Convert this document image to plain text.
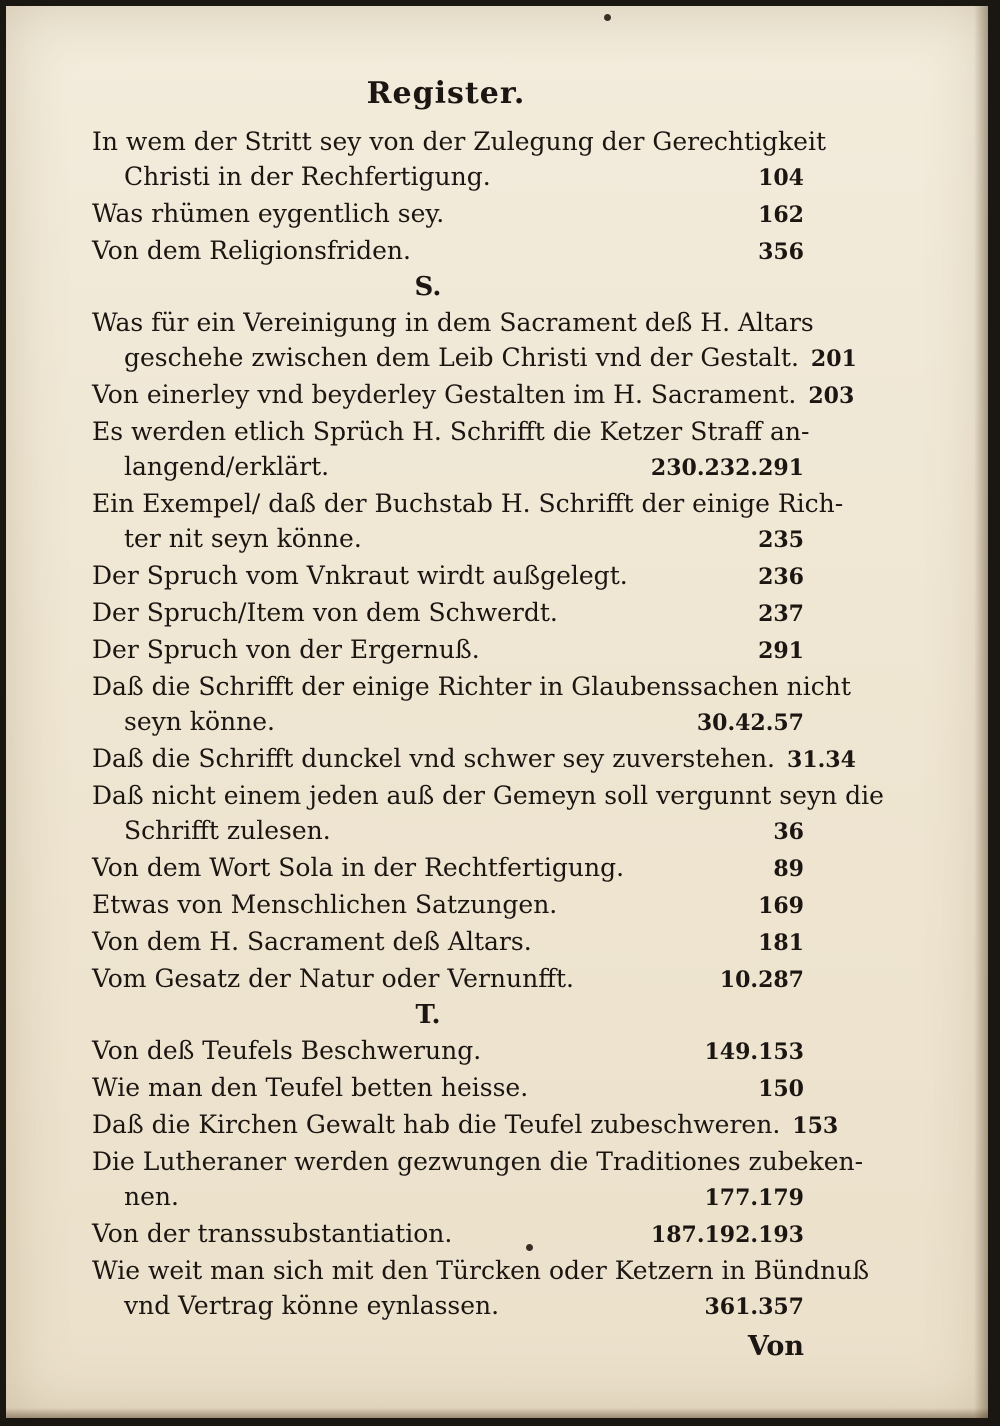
Register.
In wem der Stritt sey von der Zulegung der Gerechtigkeit
Christi in der Rechfertigung.	104
Was rhümen eygentlich sey.	162
Von dem Religionsfriden.	356
S.
Was für ein Vereinigung in dem Sacrament deß H. Altars
geschehe zwischen dem Leib Christi vnd der Gestalt. 201
Von einerley vnd beyderley Gestalten im H. Sacrament. 203
Es werden etlich Sprüch H. Schrifft die Ketzer Straff an-
langend/erklärt.	230.232.291
Ein Exempel/ daß der Buchstab H. Schrifft der einige Rich-
ter nit seyn könne.	235
Der Spruch vom Vnkraut wirdt außgelegt.	236
Der Spruch/Item von dem Schwerdt.	237
Der Spruch von der Ergernuß.	291
Daß die Schrifft der einige Richter in Glaubenssachen nicht
seyn könne.	30.42.57
Daß die Schrifft dunckel vnd schwer sey zuverstehen. 31.34
Daß nicht einem jeden auß der Gemeyn soll vergunnt seyn die
Schrifft zulesen.	36
Von dem Wort Sola in der Rechtfertigung.	89
Etwas von Menschlichen Satzungen.	169
Von dem H. Sacrament deß Altars.	181
Vom Gesatz der Natur oder Vernunfft.	10.287
T.
Von deß Teufels Beschwerung.	149.153
Wie man den Teufel betten heisse.	150
Daß die Kirchen Gewalt hab die Teufel zubeschweren. 153
Die Lutheraner werden gezwungen die Traditiones zubeken-
nen.	177.179
Von der transsubstantiation.	187.192.193
Wie weit man sich mit den Türcken oder Ketzern in Bündnuß
vnd Vertrag könne eynlassen.	361.357
Von
